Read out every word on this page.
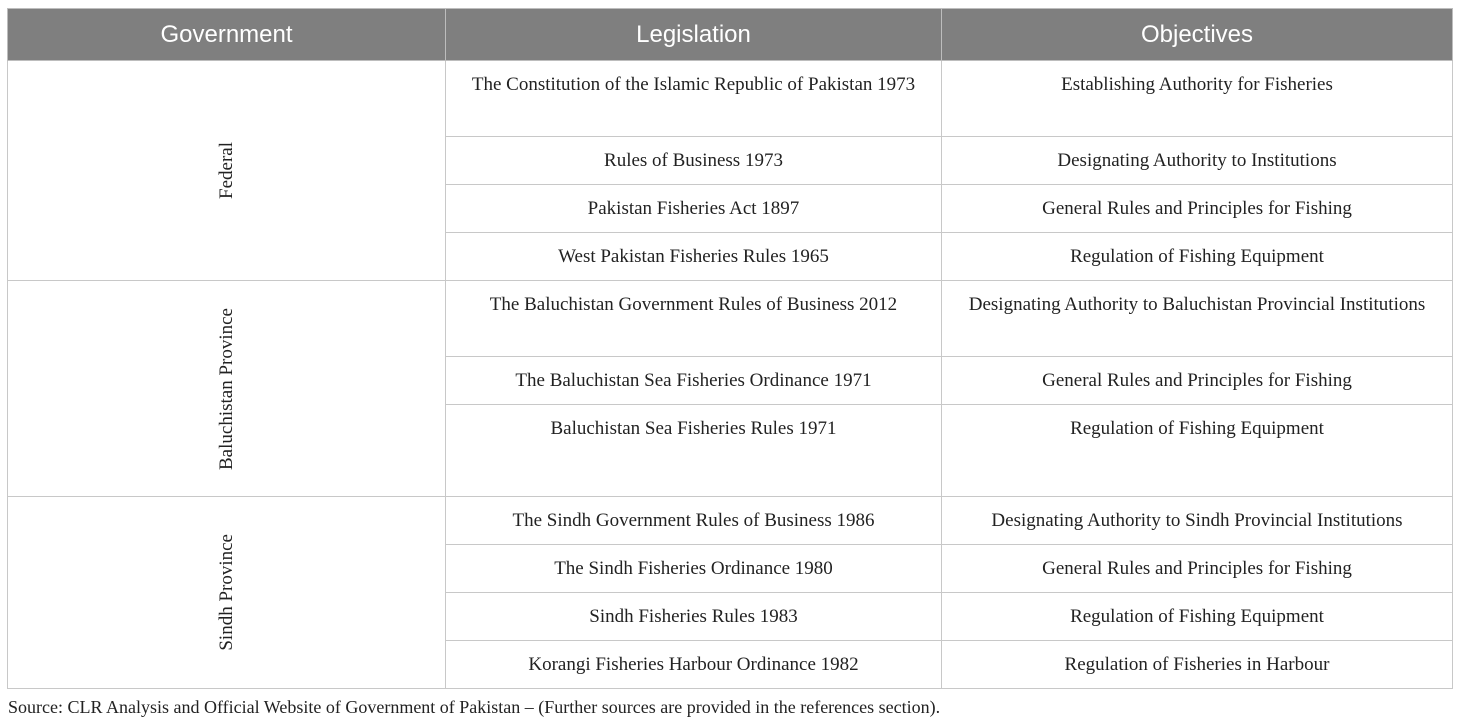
Government	Legislation	Objectives

Federal	The Constitution of the Islamic Republic of Pakistan 1973	Establishing Authority for Fisheries
	Rules of Business 1973	Designating Authority to Institutions
	Pakistan Fisheries Act 1897	General Rules and Principles for Fishing
	West Pakistan Fisheries Rules 1965	Regulation of Fishing Equipment

Baluchistan Province	The Baluchistan Government Rules of Business 2012	Designating Authority to Baluchistan Provincial Institutions
	The Baluchistan Sea Fisheries Ordinance 1971	General Rules and Principles for Fishing
	Baluchistan Sea Fisheries Rules 1971	Regulation of Fishing Equipment

Sindh Province	The Sindh Government Rules of Business 1986	Designating Authority to Sindh Provincial Institutions
	The Sindh Fisheries Ordinance 1980	General Rules and Principles for Fishing
	Sindh Fisheries Rules 1983	Regulation of Fishing Equipment
	Korangi Fisheries Harbour Ordinance 1982	Regulation of Fisheries in Harbour
Source: CLR Analysis and Official Website of Government of Pakistan – (Further sources are provided in the references section).
